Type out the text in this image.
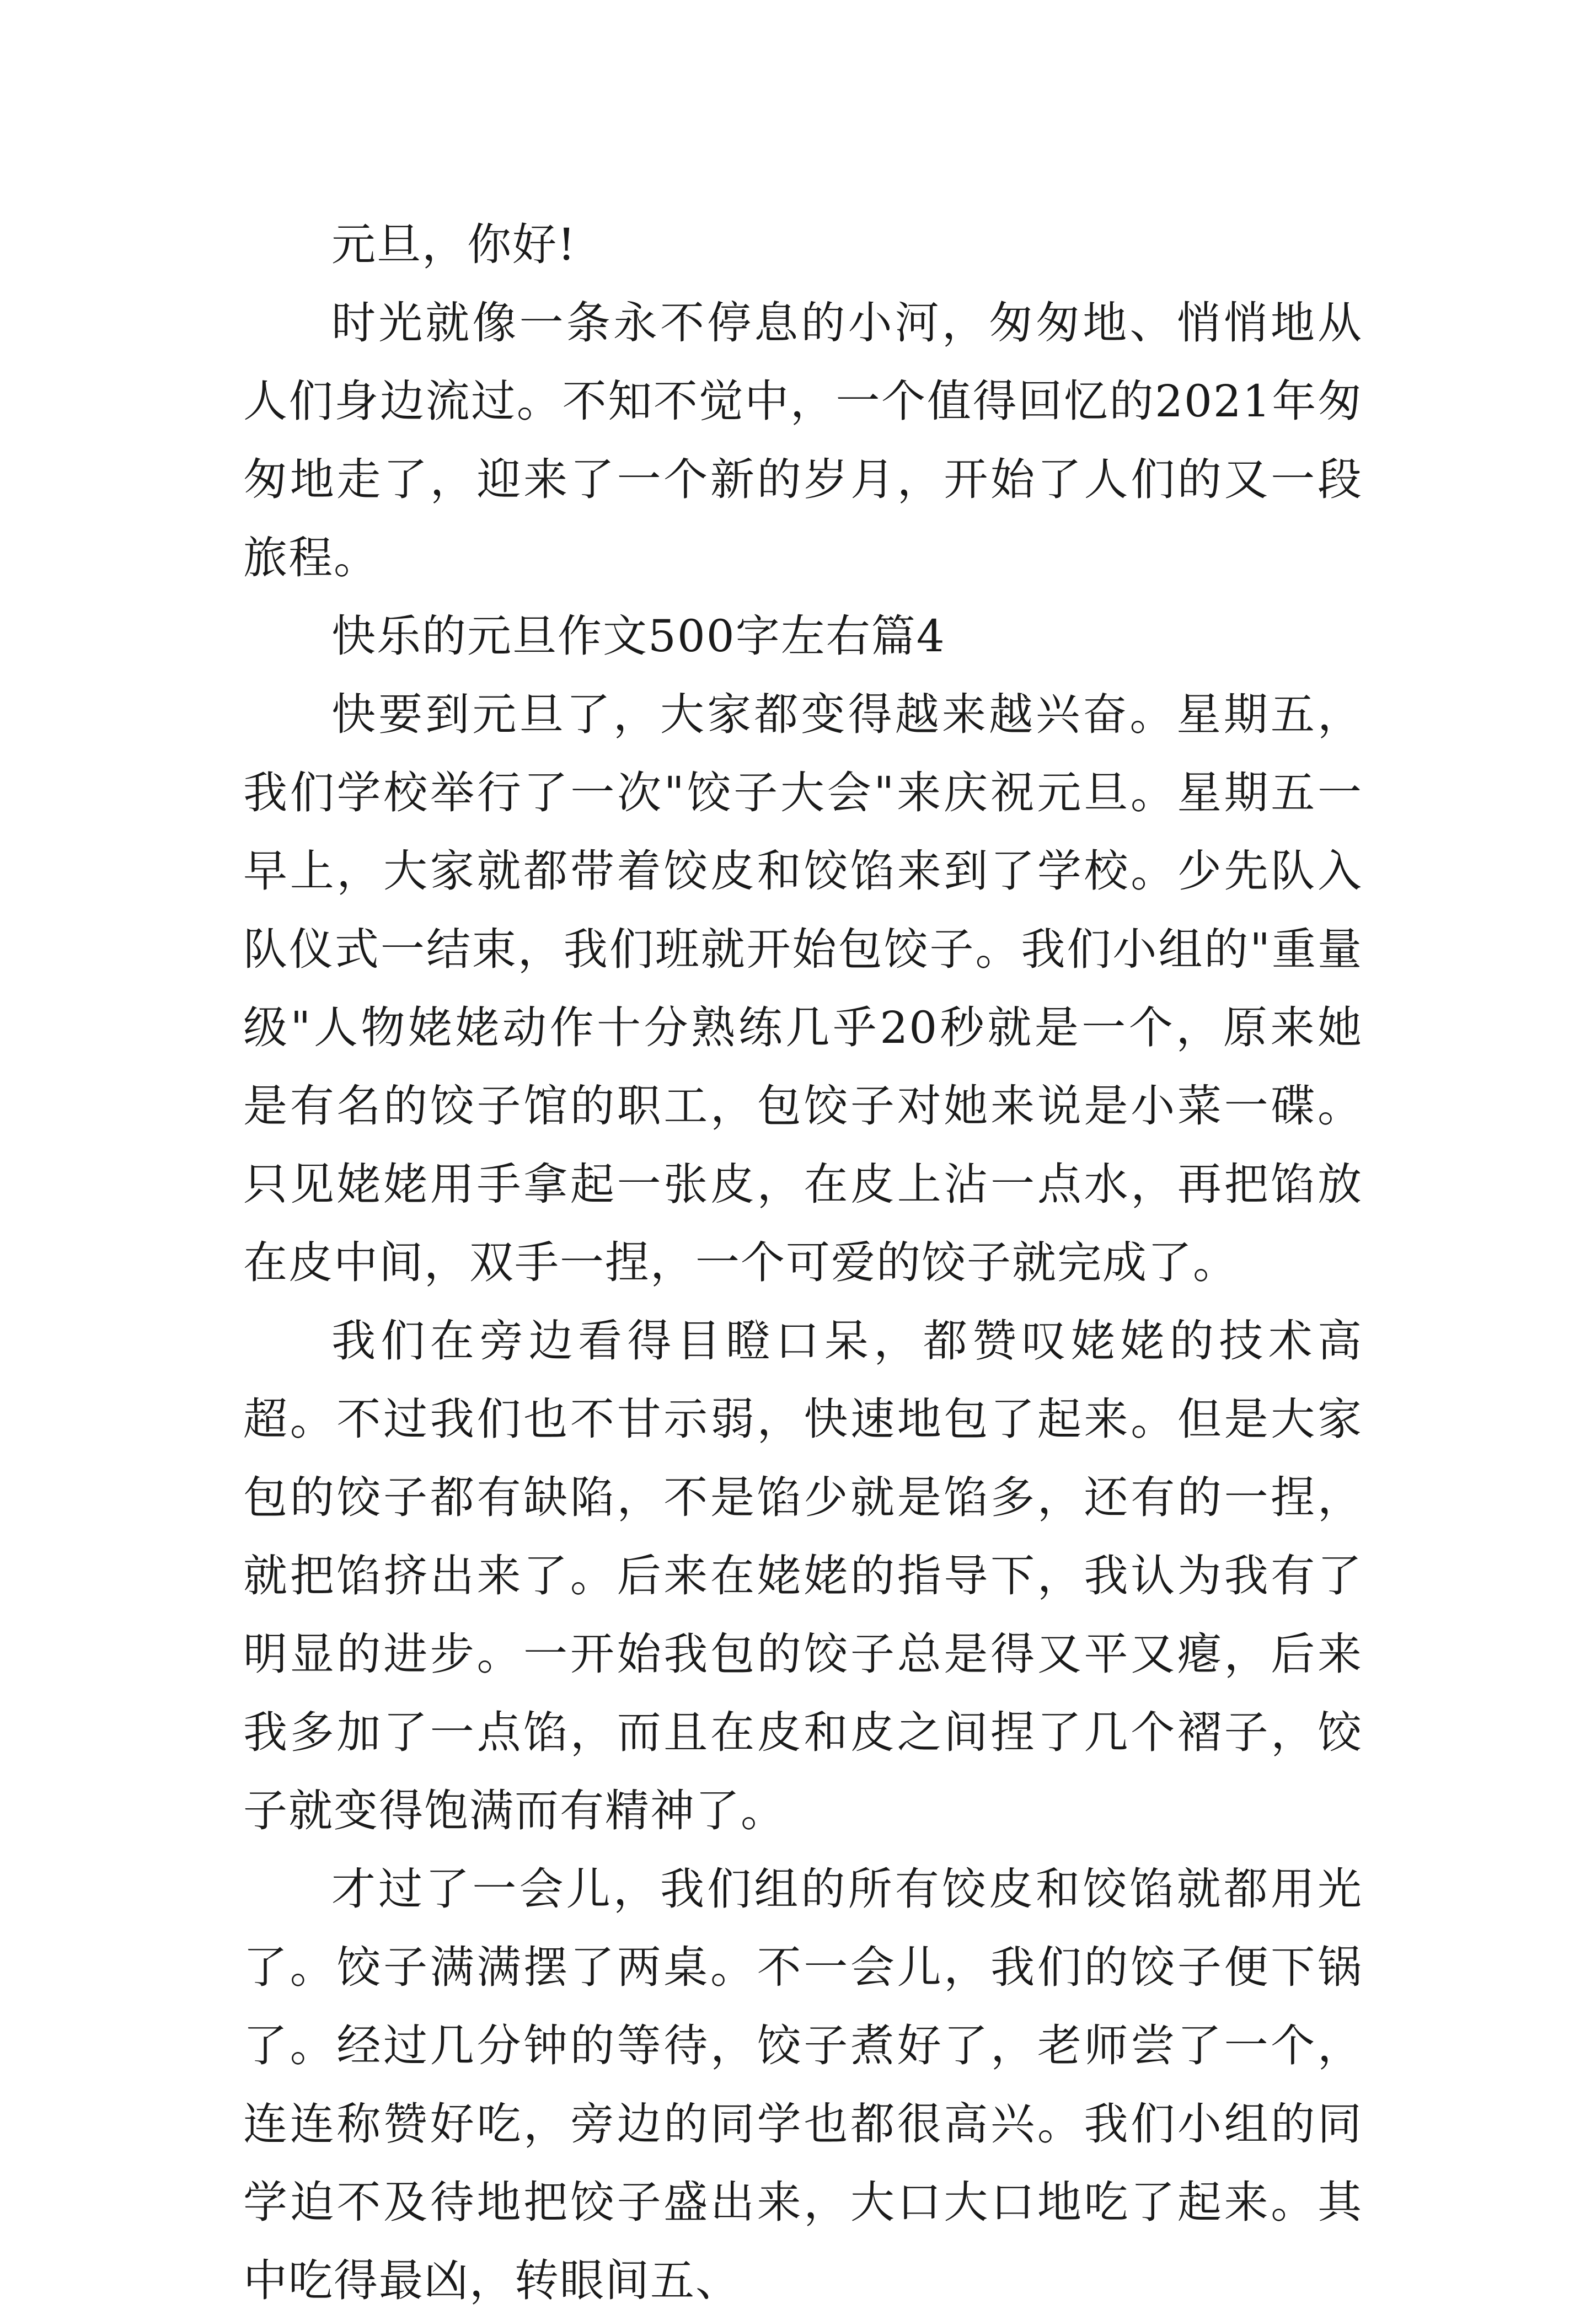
元旦，你好!

时光就像一条永不停息的小河，匆匆地、悄悄地从人们身边流过。不知不觉中，一个值得回忆的2021年匆匆地走了，迎来了一个新的岁月，开始了人们的又一段旅程。

快乐的元旦作文500字左右篇4

快要到元旦了，大家都变得越来越兴奋。星期五，我们学校举行了一次"饺子大会"来庆祝元旦。星期五一早上，大家就都带着饺皮和饺馅来到了学校。少先队入队仪式一结束，我们班就开始包饺子。我们小组的"重量级"人物姥姥动作十分熟练几乎20秒就是一个，原来她是有名的饺子馆的职工，包饺子对她来说是小菜一碟。只见姥姥用手拿起一张皮，在皮上沾一点水，再把馅放在皮中间，双手一捏，一个可爱的饺子就完成了。

我们在旁边看得目瞪口呆，都赞叹姥姥的技术高超。不过我们也不甘示弱，快速地包了起来。但是大家包的饺子都有缺陷，不是馅少就是馅多，还有的一捏，就把馅挤出来了。后来在姥姥的指导下，我认为我有了明显的进步。一开始我包的饺子总是得又平又瘪，后来我多加了一点馅，而且在皮和皮之间捏了几个褶子，饺子就变得饱满而有精神了。

才过了一会儿，我们组的所有饺皮和饺馅就都用光了。饺子满满摆了两桌。不一会儿，我们的饺子便下锅了。经过几分钟的等待，饺子煮好了，老师尝了一个，连连称赞好吃，旁边的同学也都很高兴。我们小组的同学迫不及待地把饺子盛出来，大口大口地吃了起来。其中吃得最凶，转眼间五、
